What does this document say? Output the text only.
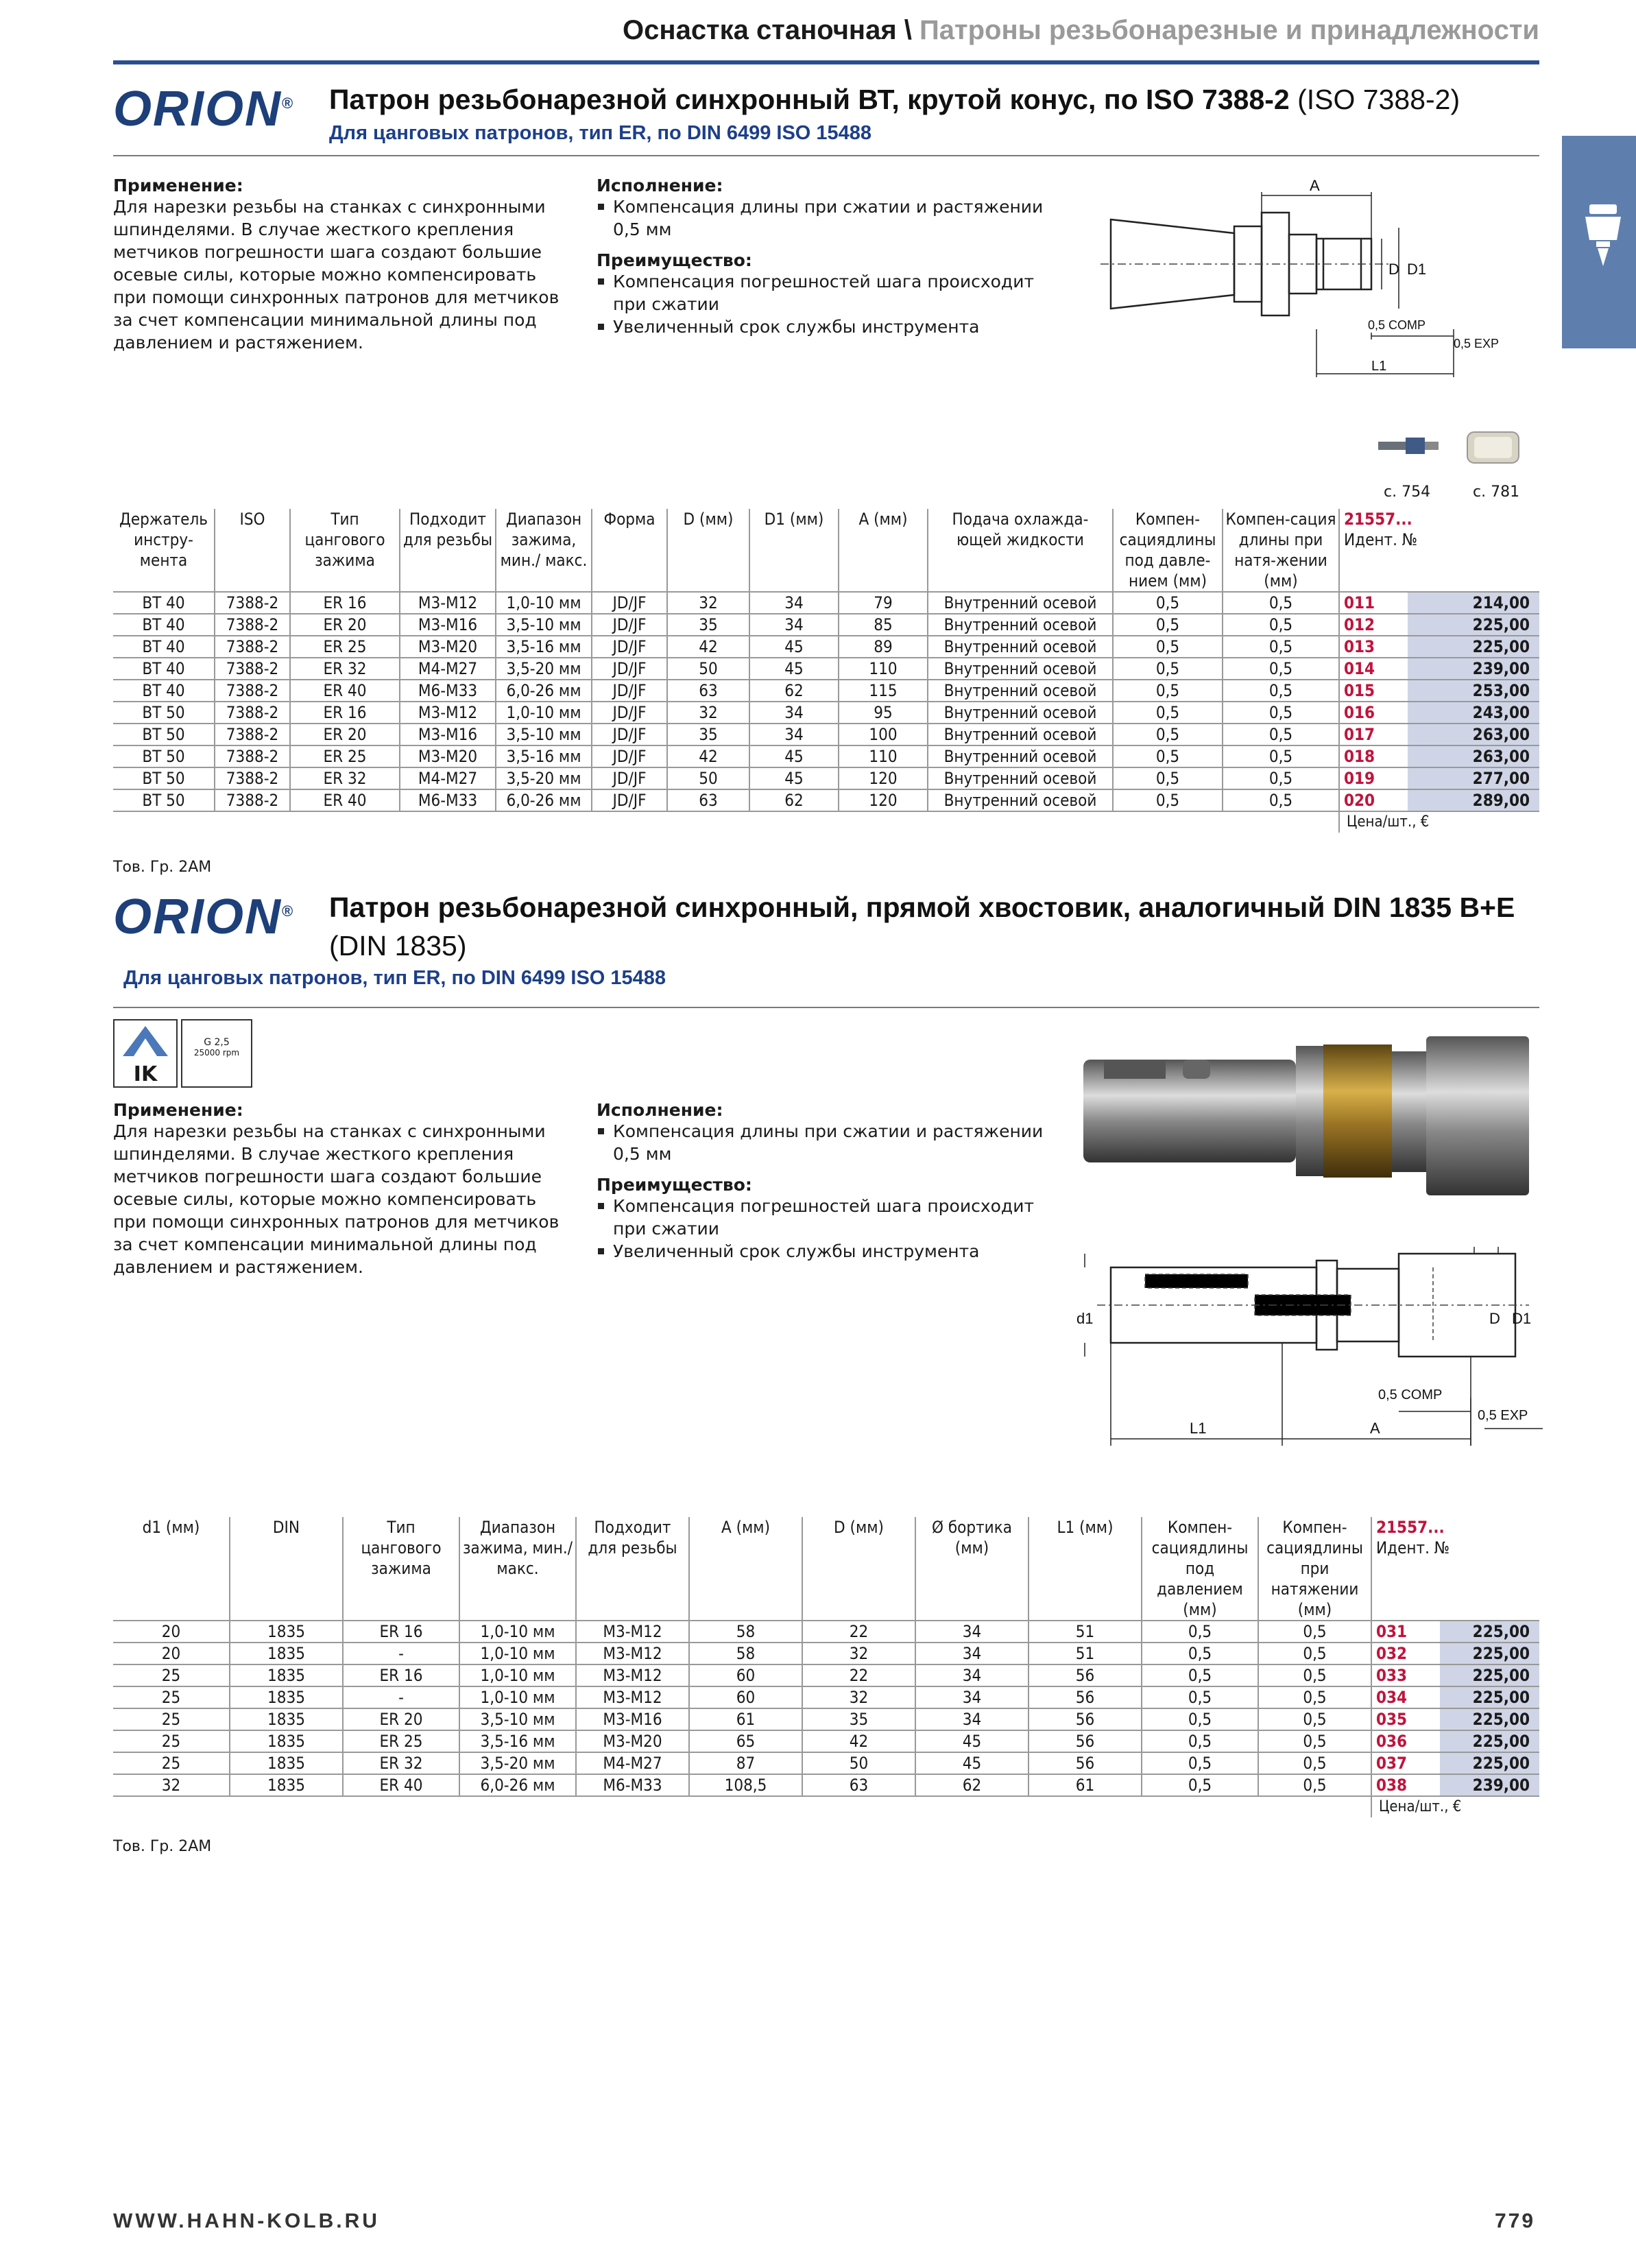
Оснастка станочная \ Патроны резьбонарезные и принадлежности
ORION® Патрон резьбонарезной синхронный ВТ, крутой конус, по ISO 7388-2 (ISO 7388-2)
Для цанговых патронов, тип ER, по DIN 6499 ISO 15488
Применение:
Для нарезки резьбы на станках с синхронными шпинделями. В случае жесткого крепления метчиков погрешности шага создают большие осевые силы, которые можно компенсировать при помощи синхронных патронов для метчиков за счет компенсации минимальной длины под давлением и растяжением.
Исполнение:
Компенсация длины при сжатии и растяжении 0,5 мм
Преимущество:
Компенсация погрешностей шага происходит при сжатии
Увеличенный срок службы инструмента
A
D D1
0,5 COMP
0,5 EXP
L1
с. 754	с. 781
Держатель инстру-мента	ISO	Тип цангового зажима	Подходит для резьбы	Диапазон зажима, мин./ макс.	Форма	D (мм)	D1 (мм)	A (мм)	Подача охлажда-ющей жидкости	Компен-сациядлины под давле-нием (мм)	Компен-сация длины при натя-жении (мм)	21557...
Идент. №	
BT 40	7388-2	ER 16	M3-M12	1,0-10 мм	JD/JF	32	34	79	Внутренний осевой	0,5	0,5	011	214,00
BT 40	7388-2	ER 20	M3-M16	3,5-10 мм	JD/JF	35	34	85	Внутренний осевой	0,5	0,5	012	225,00
BT 40	7388-2	ER 25	M3-M20	3,5-16 мм	JD/JF	42	45	89	Внутренний осевой	0,5	0,5	013	225,00
BT 40	7388-2	ER 32	M4-M27	3,5-20 мм	JD/JF	50	45	110	Внутренний осевой	0,5	0,5	014	239,00
BT 40	7388-2	ER 40	M6-M33	6,0-26 мм	JD/JF	63	62	115	Внутренний осевой	0,5	0,5	015	253,00
BT 50	7388-2	ER 16	M3-M12	1,0-10 мм	JD/JF	32	34	95	Внутренний осевой	0,5	0,5	016	243,00
BT 50	7388-2	ER 20	M3-M16	3,5-10 мм	JD/JF	35	34	100	Внутренний осевой	0,5	0,5	017	263,00
BT 50	7388-2	ER 25	M3-M20	3,5-16 мм	JD/JF	42	45	110	Внутренний осевой	0,5	0,5	018	263,00
BT 50	7388-2	ER 32	M4-M27	3,5-20 мм	JD/JF	50	45	120	Внутренний осевой	0,5	0,5	019	277,00
BT 50	7388-2	ER 40	M6-M33	6,0-26 мм	JD/JF	63	62	120	Внутренний осевой	0,5	0,5	020	289,00
												Цена/шт., €	
Тов. Гр. 2АМ
ORION® Патрон резьбонарезной синхронный, прямой хвостовик, аналогичный DIN 1835 B+E
(DIN 1835)
Для цанговых патронов, тип ER, по DIN 6499 ISO 15488
IK
G 2,5
25000 rpm
Применение:
Для нарезки резьбы на станках с синхронными шпинделями. В случае жесткого крепления метчиков погрешности шага создают большие осевые силы, которые можно компенсировать при помощи синхронных патронов для метчиков за счет компенсации минимальной длины под давлением и растяжением.
Исполнение:
Компенсация длины при сжатии и растяжении 0,5 мм
Преимущество:
Компенсация погрешностей шага происходит при сжатии
Увеличенный срок службы инструмента
d1	D D1
0,5 COMP
0,5 EXP
L1	A
d1 (мм)	DIN	Тип цангового зажима	Диапазон зажима, мин./макс.	Подходит для резьбы	A (мм)	D (мм)	Ø бортика (мм)	L1 (мм)	Компен-сациядлины под давлением (мм)	Компен-сациядлины при натяжении (мм)	21557...
Идент. №	
20	1835	ER 16	1,0-10 мм	M3-M12	58	22	34	51	0,5	0,5	031	225,00
20	1835	-	1,0-10 мм	M3-M12	58	32	34	51	0,5	0,5	032	225,00
25	1835	ER 16	1,0-10 мм	M3-M12	60	22	34	56	0,5	0,5	033	225,00
25	1835	-	1,0-10 мм	M3-M12	60	32	34	56	0,5	0,5	034	225,00
25	1835	ER 20	3,5-10 мм	M3-M16	61	35	34	56	0,5	0,5	035	225,00
25	1835	ER 25	3,5-16 мм	M3-M20	65	42	45	56	0,5	0,5	036	225,00
25	1835	ER 32	3,5-20 мм	M4-M27	87	50	45	56	0,5	0,5	037	225,00
32	1835	ER 40	6,0-26 мм	M6-M33	108,5	63	62	61	0,5	0,5	038	239,00
											Цена/шт., €	
Тов. Гр. 2АМ
WWW.HAHN-KOLB.RU	779
